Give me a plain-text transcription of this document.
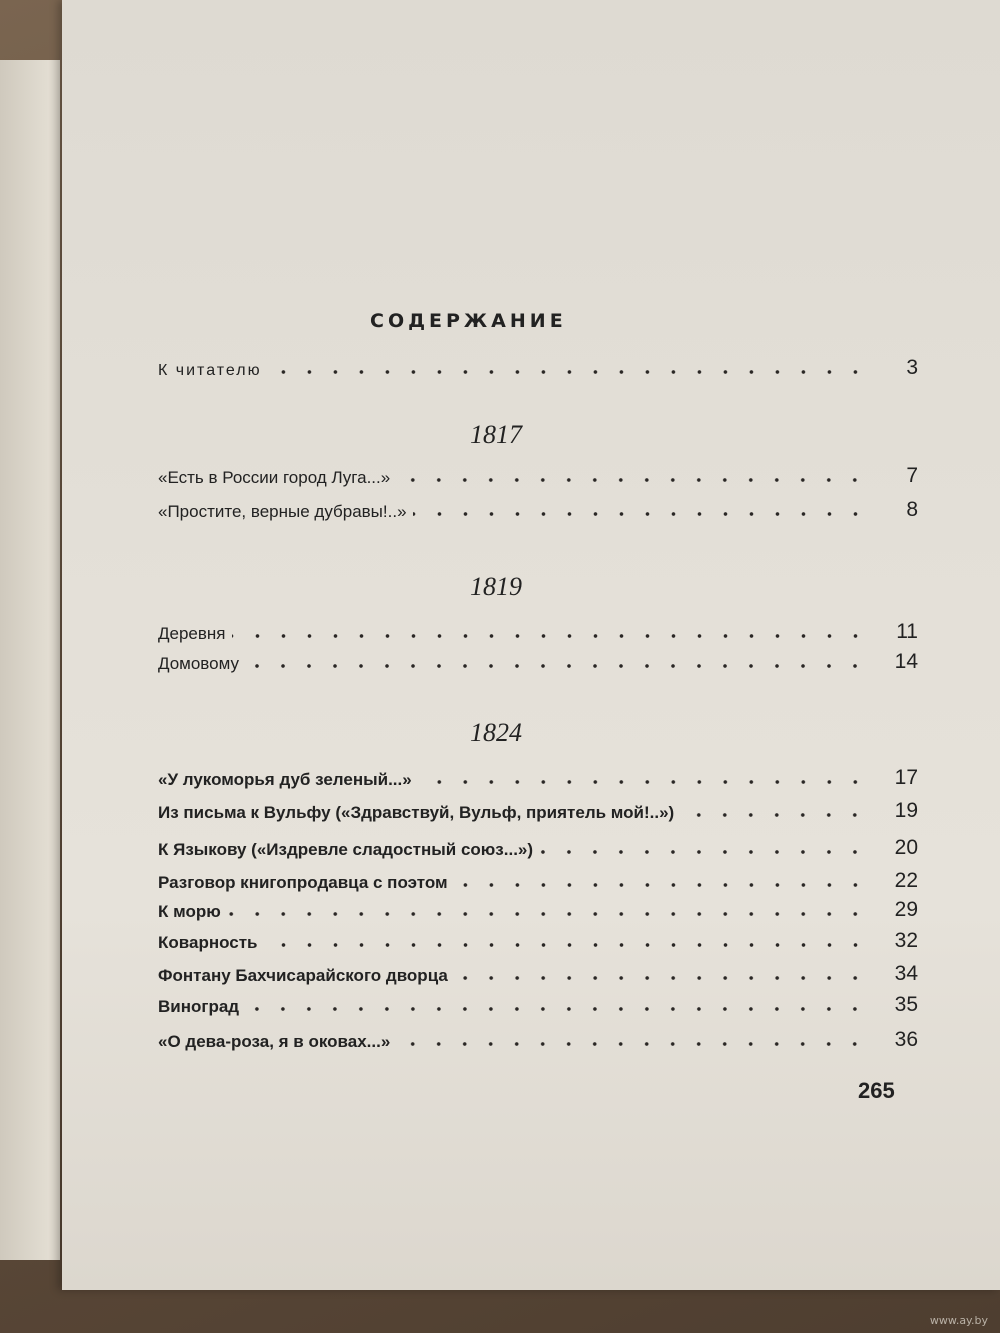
СОДЕРЖАНИЕ
К читателю	3
1817
«Есть в России город Луга...»	7
«Простите, верные дубравы!..»	8
1819
Деревня	11
Домовому	14
1824
«У лукоморья дуб зеленый...»	17
Из письма к Вульфу («Здравствуй, Вульф, приятель мой!..»)	19
К Языкову («Издревле сладостный союз...»)	20
Разговор книгопродавца с поэтом	22
К морю	29
Коварность	32
Фонтану Бахчисарайского дворца	34
Виноград	35
«О дева-роза, я в оковах...»	36
265
www.ay.by
